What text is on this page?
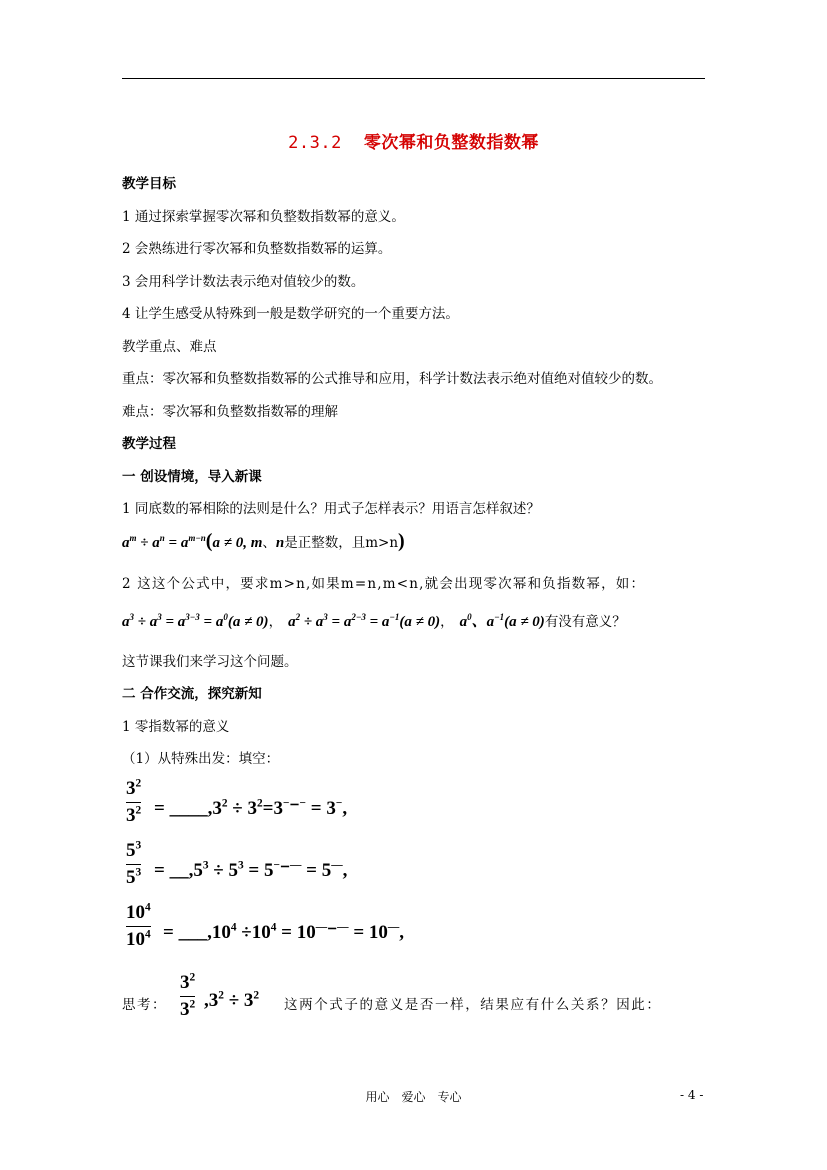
2.3.2 零次幂和负整数指数幂
教学目标
1 通过探索掌握零次幂和负整数指数幂的意义。
2 会熟练进行零次幂和负整数指数幂的运算。
3 会用科学计数法表示绝对值较少的数。
4 让学生感受从特殊到一般是数学研究的一个重要方法。
教学重点、难点
重点：零次幂和负整数指数幂的公式推导和应用，科学计数法表示绝对值绝对值较少的数。
难点：零次幂和负整数指数幂的理解
教学过程
一 创设情境，导入新课
1 同底数的幂相除的法则是什么？用式子怎样表示？用语言怎样叙述？
$a^m \div a^n = a^{m-n}(a \ne 0$, m、n是正整数，且m>n)
2 这这个公式中，要求m>n,如果m=n,m<n,就会出现零次幂和负指数幂，如：
$a^3 \div a^3 = a^{3-3} = a^0(a \ne 0)$， $a^2 \div a^3 = a^{2-3} = a^{-1}(a \ne 0)$， $a^0$、$a^{-1}(a \ne 0)$有没有意义？
这节课我们来学习这个问题。
二 合作交流，探究新知
1 零指数幂的意义
（1）从特殊出发：填空：
$3^2$
$3^2$ = $\_\_\_\_,3^2 \div 3^2=3^-^-^- = 3^-$,
$5^3$
$5^3$ = $\_\_,5^3 \div 5^3 = 5^-^-^— = 5^—$,
$10^4$
$10^4$ = $\_\_\_,10^4 \div 10^4 = 10^—^-^— = 10^—$,
思考：
$3^2$
$3^2$ $,3^2 \div 3^2$
这两个式子的意义是否一样，结果应有什么关系？因此：
用心　爱心　专心	- 4 -
